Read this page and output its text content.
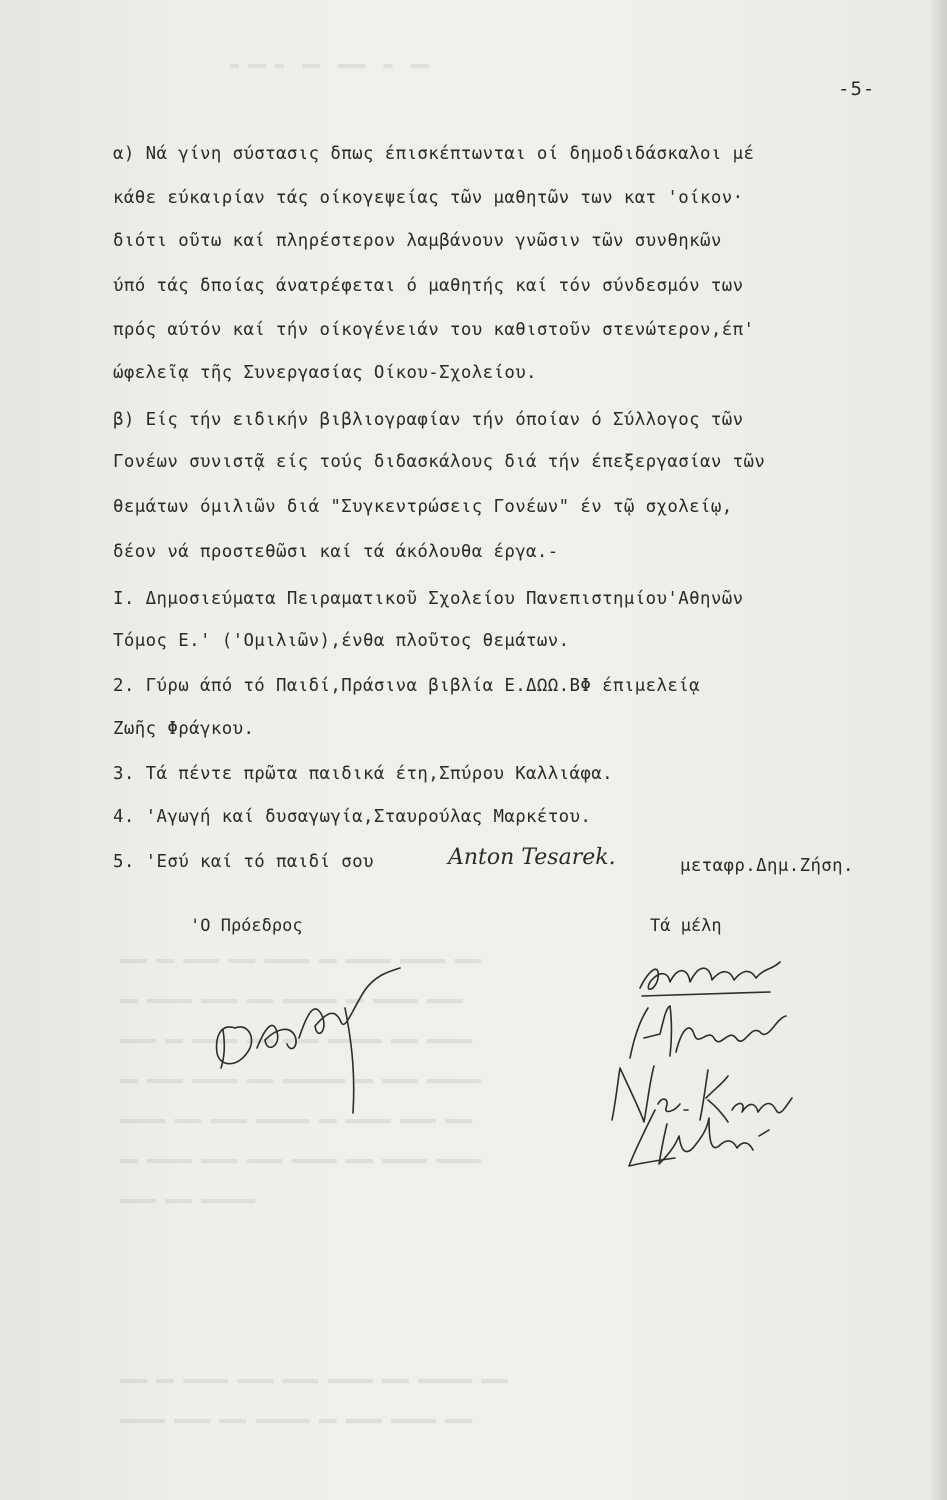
▬ ▬▬ ▬  ▬▬  ▬▬▬  ▬  ▬▬
▬▬▬ ▬▬ ▬▬▬▬ ▬▬▬ ▬▬▬▬▬ ▬▬ ▬▬▬▬▬ ▬▬▬▬▬ ▬▬▬
▬▬ ▬▬▬▬▬ ▬▬▬▬ ▬▬▬ ▬▬▬▬▬▬ ▬▬ ▬▬▬▬▬ ▬▬▬▬
▬▬▬▬ ▬▬ ▬▬▬▬▬ ▬▬▬ ▬▬▬▬ ▬▬▬▬▬▬ ▬▬▬ ▬▬▬▬▬
▬▬ ▬▬▬▬ ▬▬▬▬▬ ▬▬▬ ▬▬▬▬▬▬▬ ▬▬ ▬▬▬▬ ▬▬▬▬▬▬
▬▬▬▬▬ ▬▬▬ ▬▬▬▬ ▬▬▬▬▬▬ ▬▬ ▬▬▬▬▬ ▬▬▬▬ ▬▬▬
▬▬ ▬▬▬▬▬ ▬▬▬▬ ▬▬▬▬ ▬▬▬▬▬ ▬▬▬ ▬▬▬▬▬ ▬▬▬▬▬
▬▬▬▬ ▬▬▬ ▬▬▬▬▬▬
▬▬▬ ▬▬ ▬▬▬▬▬ ▬▬▬▬ ▬▬▬▬ ▬▬▬▬▬ ▬▬▬ ▬▬▬▬▬▬ ▬▬▬
▬▬▬▬▬ ▬▬▬▬ ▬▬▬ ▬▬▬▬▬▬ ▬▬ ▬▬▬▬ ▬▬▬▬▬ ▬▬▬
-5-
α) Νά γίνη σύστασις δπως έπισκέπτωνται οί δημοδιδάσκαλοι μέ
κάθε εύκαιρίαν τάς οίκογεψείας τῶν μαθητῶν των κατ 'οίκον·
διότι οῦτω καί πληρέστερον λαμβάνουν γνῶσιν τῶν συνθηκῶν
ύπό τάς δποίας άνατρέφεται ό μαθητής καί τόν σύνδεσμόν των
πρός αύτόν καί τήν οίκογένειάν του καθιστοῦν στενώτερον,έπ'
ώφελεῖᾳ τῆς Συνεργασίας Οίκου-Σχολείου.
β) Είς τήν ειδικήν βιβλιογραφίαν τήν όποίαν ό Σύλλογος τῶν
Γονέων συνιστᾷ είς τούς διδασκάλους διά τήν έπεξεργασίαν τῶν
θεμάτων όμιλιῶν διά "Συγκεντρώσεις Γονέων" έν τῷ σχολείῳ,
δέον νά προστεθῶσι καί τά άκόλουθα έργα.-
Ι. Δημοσιεύματα Πειραματικοῦ Σχολείου Πανεπιστημίου'Αθηνῶν
Τόμος Ε.' ('Ομιλιῶν),ένθα πλοῦτος θεμάτων.
2. Γύρω άπό τό Παιδί,Πράσινα βιβλία Ε.ΔΩΩ.ΒΦ έπιμελείᾳ
Ζωῆς Φράγκου.
3. Τά πέντε πρῶτα παιδικά έτη,Σπύρου Καλλιάφα.
4. 'Αγωγή καί δυσαγωγία,Σταυρούλας Μαρκέτου.
5. 'Εσύ καί τό παιδί σου	Anton Tesarek.	μεταφρ.Δημ.Ζήση.
'Ο Πρόεδρος	Τά μέλη
